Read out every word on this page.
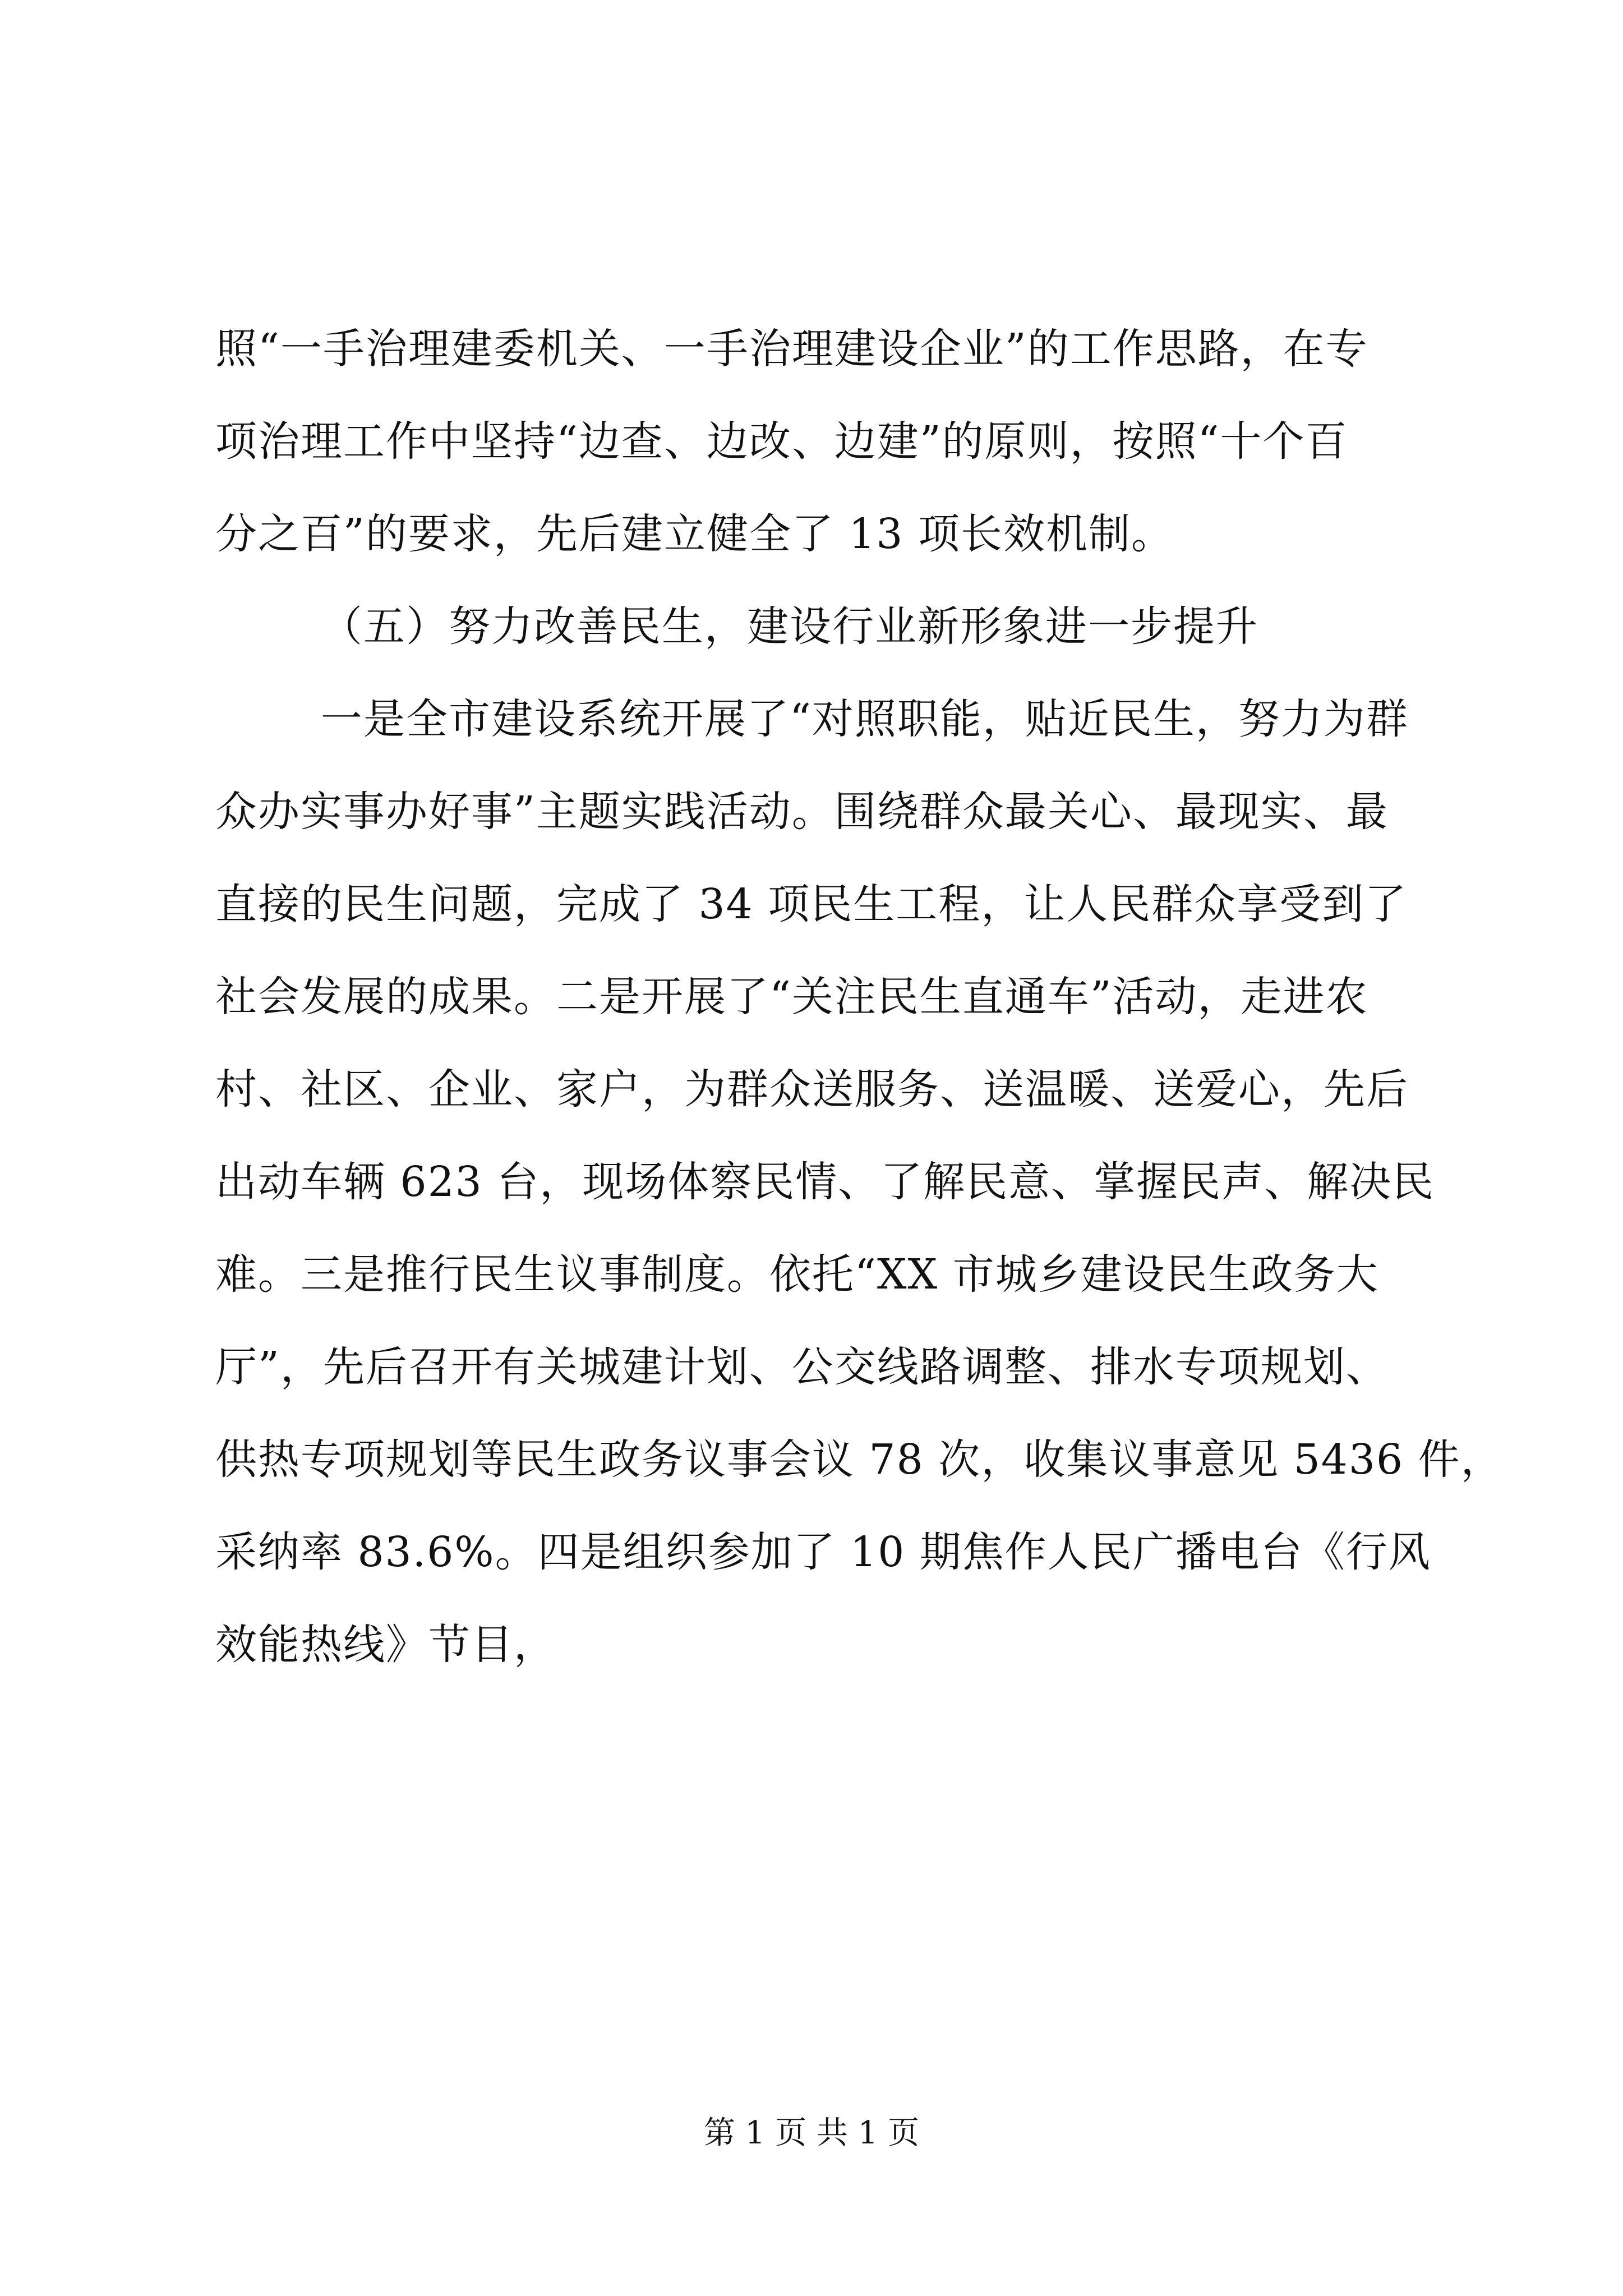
照“一手治理建委机关、一手治理建设企业”的工作思路，在专
项治理工作中坚持“边查、边改、边建”的原则，按照“十个百
分之百”的要求，先后建立健全了 13 项长效机制。
（五）努力改善民生，建设行业新形象进一步提升
一是全市建设系统开展了“对照职能，贴近民生，努力为群
众办实事办好事”主题实践活动。围绕群众最关心、最现实、最
直接的民生问题，完成了 34 项民生工程，让人民群众享受到了
社会发展的成果。二是开展了“关注民生直通车”活动，走进农
村、社区、企业、家户，为群众送服务、送温暖、送爱心，先后
出动车辆 623 台，现场体察民情、了解民意、掌握民声、解决民
难。三是推行民生议事制度。依托“XX 市城乡建设民生政务大
厅”，先后召开有关城建计划、公交线路调整、排水专项规划、
供热专项规划等民生政务议事会议 78 次，收集议事意见 5436 件，
采纳率 83.6%。四是组织参加了 10 期焦作人民广播电台《行风
效能热线》节目，
第 1 页 共 1 页
